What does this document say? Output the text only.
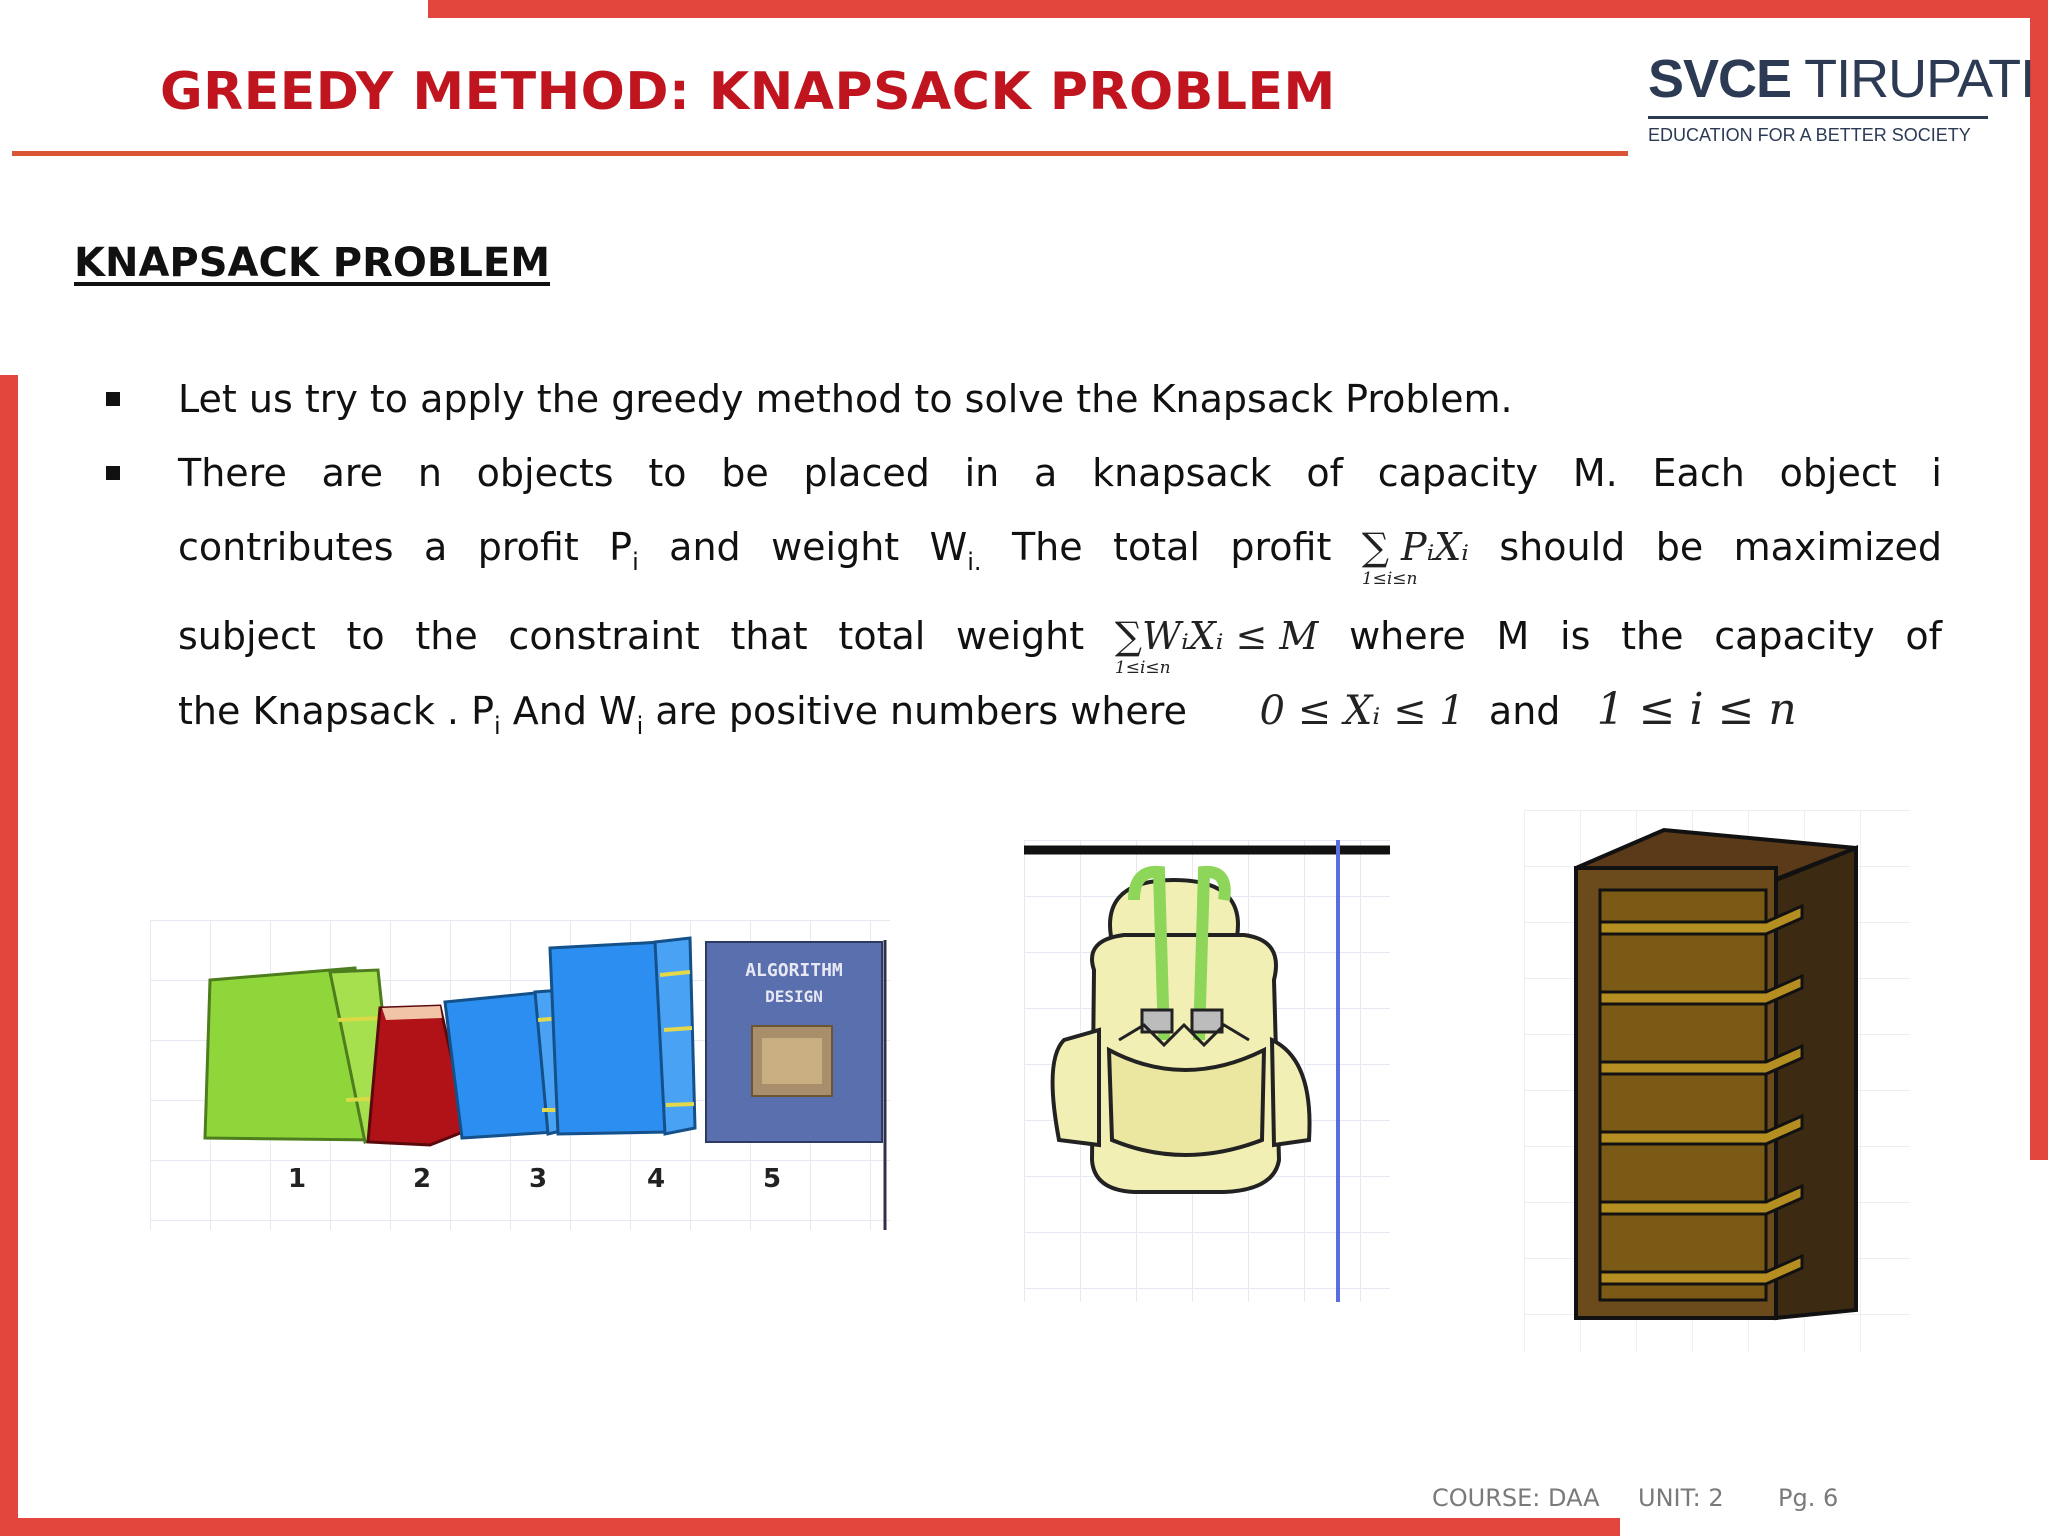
GREEDY METHOD: KNAPSACK PROBLEM	SVCE TIRUPATI
EDUCATION FOR A BETTER SOCIETY
KNAPSACK PROBLEM
Let us try to apply the greedy method to solve the Knapsack Problem.
There are n objects to be placed in a knapsack of capacity M. Each object i
contributes a profit $P_i$ and weight $W_{i.}$ The total profit ∑ PᵢXᵢ
1≤i≤n
should be maximized
subject to the constraint that total weight ∑WᵢXᵢ ≤ M
1≤i≤n
where M is the capacity of
the Knapsack . $P_i$ And $W_i$ are positive numbers where 0 ≤ Xᵢ ≤ 1 and 1 ≤ i ≤ n
ALGORITHM
DESIGN
1	2	3	4	5
COURSE: DAA UNIT: 2 Pg. 6
